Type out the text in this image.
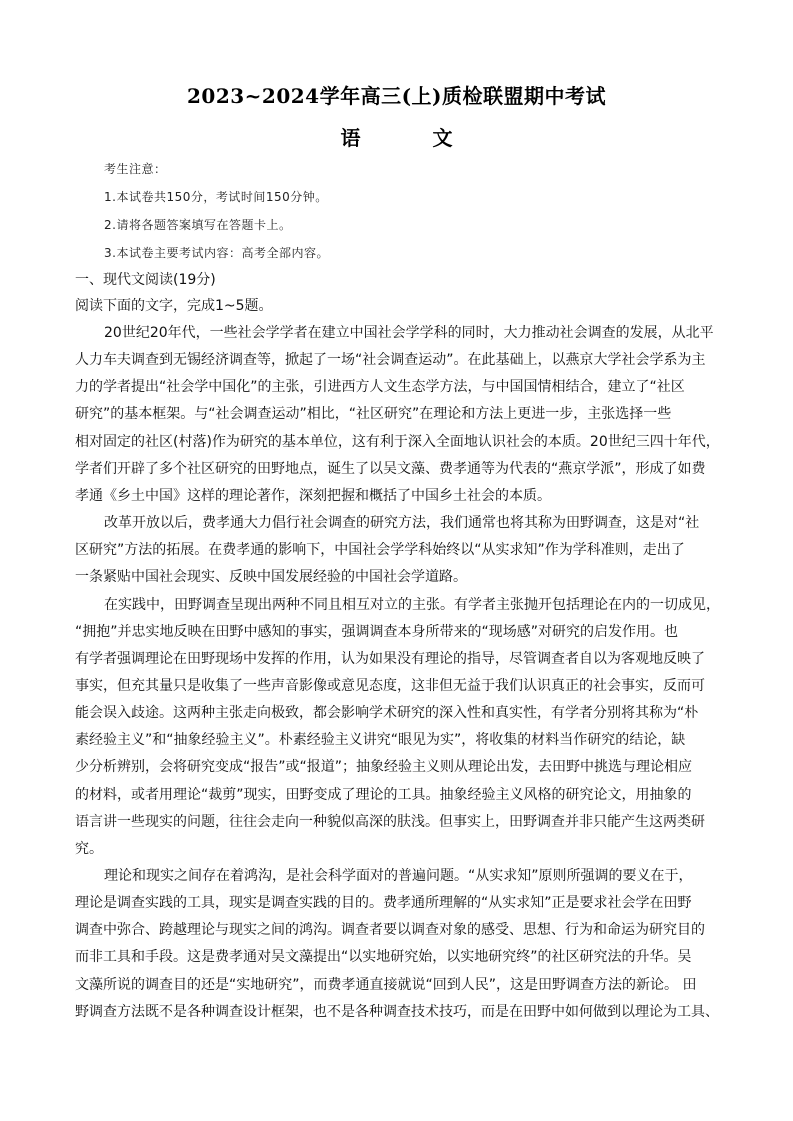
2023~2024学年高三(上)质检联盟期中考试
语　文
考生注意：
1.本试卷共150分，考试时间150分钟。
2.请将各题答案填写在答题卡上。
3.本试卷主要考试内容：高考全部内容。
一、现代文阅读(19分)
阅读下面的文字，完成1~5题。
20世纪20年代，一些社会学学者在建立中国社会学学科的同时，大力推动社会调查的发展，从北平
人力车夫调查到无锡经济调查等，掀起了一场“社会调查运动”。在此基础上，以燕京大学社会学系为主
力的学者提出“社会学中国化”的主张，引进西方人文生态学方法，与中国国情相结合，建立了“社区
研究”的基本框架。与“社会调查运动”相比，“社区研究”在理论和方法上更进一步，主张选择一些
相对固定的社区(村落)作为研究的基本单位，这有利于深入全面地认识社会的本质。20世纪三四十年代，
学者们开辟了多个社区研究的田野地点，诞生了以吴文藻、费孝通等为代表的“燕京学派”，形成了如费
孝通《乡土中国》这样的理论著作，深刻把握和概括了中国乡土社会的本质。
改革开放以后，费孝通大力倡行社会调查的研究方法，我们通常也将其称为田野调查，这是对“社
区研究”方法的拓展。在费孝通的影响下，中国社会学学科始终以“从实求知”作为学科准则，走出了
一条紧贴中国社会现实、反映中国发展经验的中国社会学道路。
在实践中，田野调查呈现出两种不同且相互对立的主张。有学者主张抛开包括理论在内的一切成见，
“拥抱”并忠实地反映在田野中感知的事实，强调调查本身所带来的“现场感”对研究的启发作用。也
有学者强调理论在田野现场中发挥的作用，认为如果没有理论的指导，尽管调查者自以为客观地反映了
事实，但充其量只是收集了一些声音影像或意见态度，这非但无益于我们认识真正的社会事实，反而可
能会误入歧途。这两种主张走向极致，都会影响学术研究的深入性和真实性，有学者分别将其称为“朴
素经验主义”和“抽象经验主义”。朴素经验主义讲究“眼见为实”，将收集的材料当作研究的结论，缺
少分析辨别，会将研究变成“报告”或“报道”；抽象经验主义则从理论出发，去田野中挑选与理论相应
的材料，或者用理论“裁剪”现实，田野变成了理论的工具。抽象经验主义风格的研究论文，用抽象的
语言讲一些现实的问题，往往会走向一种貌似高深的肤浅。但事实上，田野调查并非只能产生这两类研
究。
理论和现实之间存在着鸿沟，是社会科学面对的普遍问题。“从实求知”原则所强调的要义在于，
理论是调查实践的工具，现实是调查实践的目的。费孝通所理解的“从实求知”正是要求社会学在田野
调查中弥合、跨越理论与现实之间的鸿沟。调查者要以调查对象的感受、思想、行为和命运为研究目的
而非工具和手段。这是费孝通对吴文藻提出“以实地研究始，以实地研究终”的社区研究法的升华。吴
文藻所说的调查目的还是“实地研究”，而费孝通直接就说“回到人民”，这是田野调查方法的新论。 田
野调查方法既不是各种调查设计框架，也不是各种调查技术技巧，而是在田野中如何做到以理论为工具、
